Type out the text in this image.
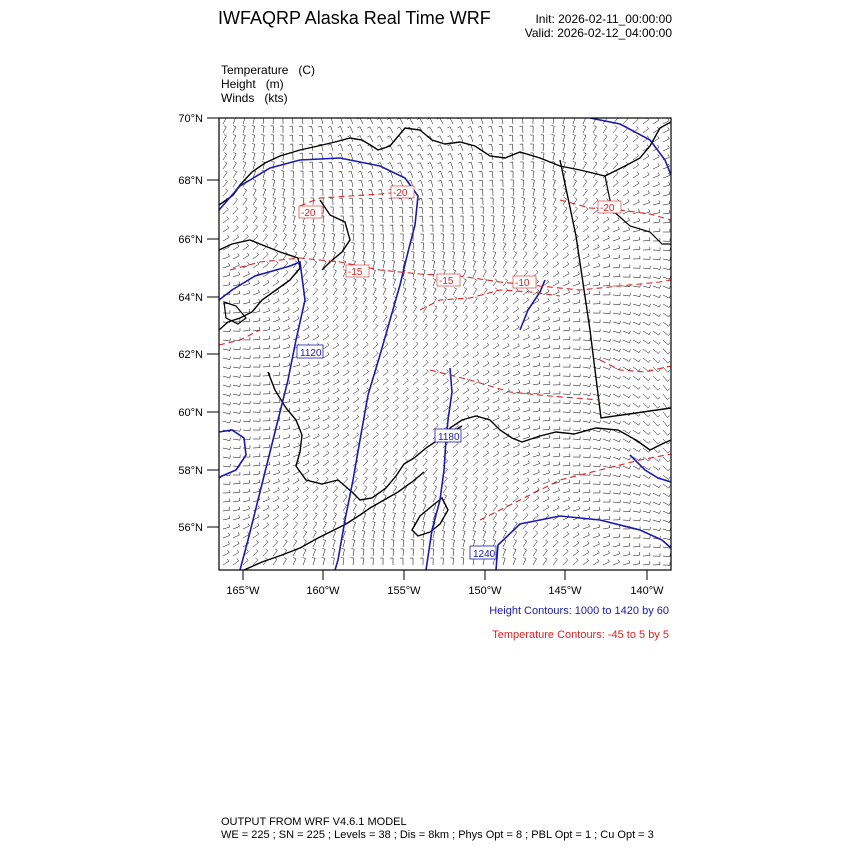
IWFAQRP Alaska Real Time WRF	Init: 2026-02-11_00:00:00
Valid: 2026-02-12_04:00:00
Temperature (C)
Height (m)
Winds (kts)
1120
1180
1240
-20
-20	-20
-15
-15	-10
70°N
68°N
66°N
64°N
62°N
60°N
58°N
56°N
165°W	160°W	155°W	150°W	145°W	140°W
Height Contours: 1000 to 1420 by 60
Temperature Contours: -45 to 5 by 5
OUTPUT FROM WRF V4.6.1 MODEL
WE = 225 ; SN = 225 ; Levels = 38 ; Dis = 8km ; Phys Opt = 8 ; PBL Opt = 1 ; Cu Opt = 3
